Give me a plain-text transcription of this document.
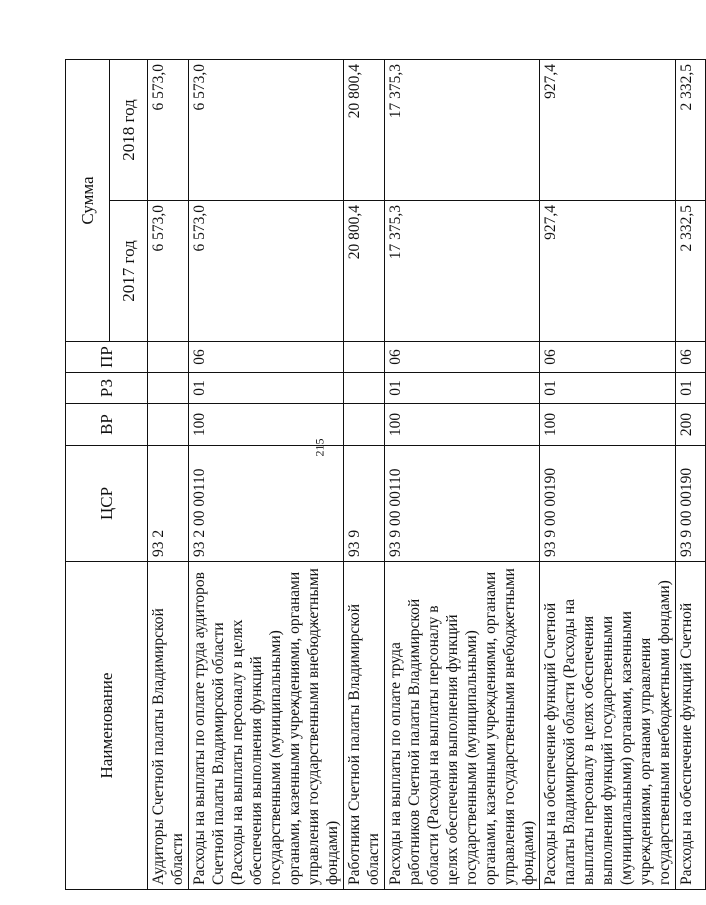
215
Наименование	ЦСР	ВР	РЗ	ПР	Сумма	
					2017 год	2018 год
Аудиторы Счетной палаты Владимирской области	93 2				6 573,0	6 573,0
Расходы на выплаты по оплате труда аудиторов Счетной палаты Владимирской области (Расходы на выплаты персоналу в целях обеспечения выполнения функций государственными (муниципальными) органами, казенными учреждениями, органами управления государственными внебюджетными фондами)	93 2 00 00110	100	01	06	6 573,0	6 573,0
Работники Счетной палаты Владимирской области	93 9				20 800,4	20 800,4
Расходы на выплаты по оплате труда работников Счетной палаты Владимирской области (Расходы на выплаты персоналу в целях обеспечения выполнения функций государственными (муниципальными) органами, казенными учреждениями, органами управления государственными внебюджетными фондами)	93 9 00 00110	100	01	06	17 375,3	17 375,3
Расходы на обеспечение функций Счетной палаты Владимирской области (Расходы на выплаты персоналу в целях обеспечения выполнения функций государственными (муниципальными) органами, казенными учреждениями, органами управления государственными внебюджетными фондами)	93 9 00 00190	100	01	06	927,4	927,4
Расходы на обеспечение функций Счетной	93 9 00 00190	200	01	06	2 332,5	2 332,5
